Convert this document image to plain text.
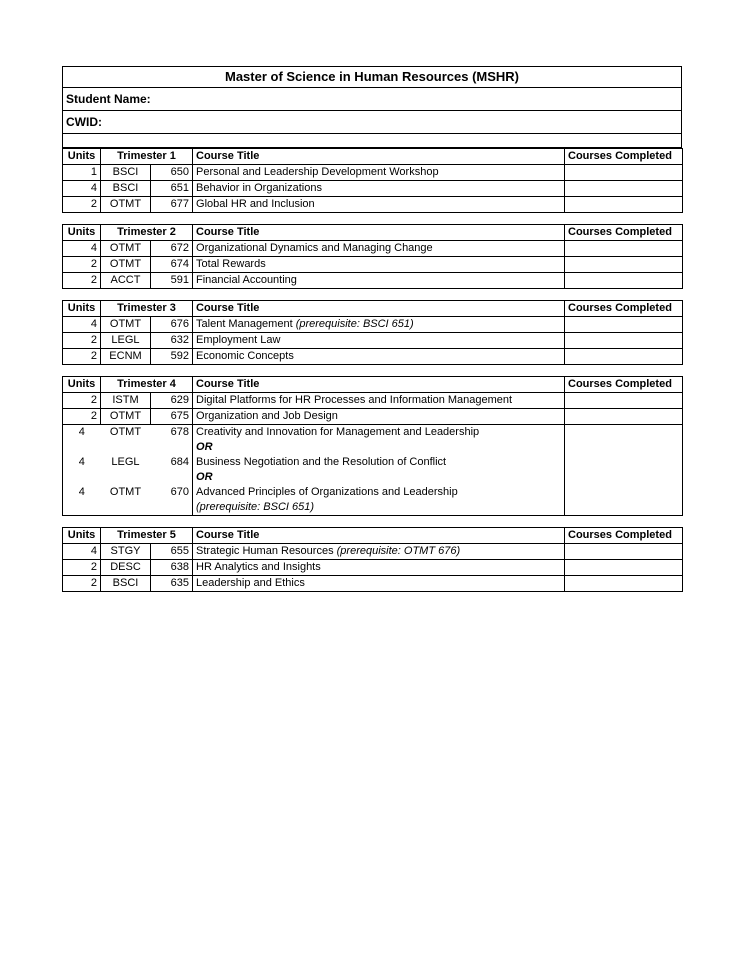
Master of Science in Human Resources (MSHR)
Student Name:
CWID:

Units	Trimester 1		Course Title	Courses Completed
1	BSCI	650	Personal and Leadership Development Workshop	
4	BSCI	651	Behavior in Organizations	
2	OTMT	677	Global HR and Inclusion	
Units	Trimester 2		Course Title	Courses Completed
4	OTMT	672	Organizational Dynamics and Managing Change	
2	OTMT	674	Total Rewards	
2	ACCT	591	Financial Accounting	
Units	Trimester 3		Course Title	Courses Completed
4	OTMT	676	Talent Management (prerequisite: BSCI 651)	
2	LEGL	632	Employment Law	
2	ECNM	592	Economic Concepts	
Units	Trimester 4		Course Title	Courses Completed
2	ISTM	629	Digital Platforms for HR Processes and Information Management	
2	OTMT	675	Organization and Job Design	
4	OTMT	678	Creativity and Innovation for Management and Leadership	
			OR	
4	LEGL	684	Business Negotiation and the Resolution of Conflict	
			OR	
4	OTMT	670	Advanced Principles of Organizations and Leadership	
			(prerequisite: BSCI 651)	
Units	Trimester 5		Course Title	Courses Completed
4	STGY	655	Strategic Human Resources (prerequisite: OTMT 676)	
2	DESC	638	HR Analytics and Insights	
2	BSCI	635	Leadership and Ethics	
